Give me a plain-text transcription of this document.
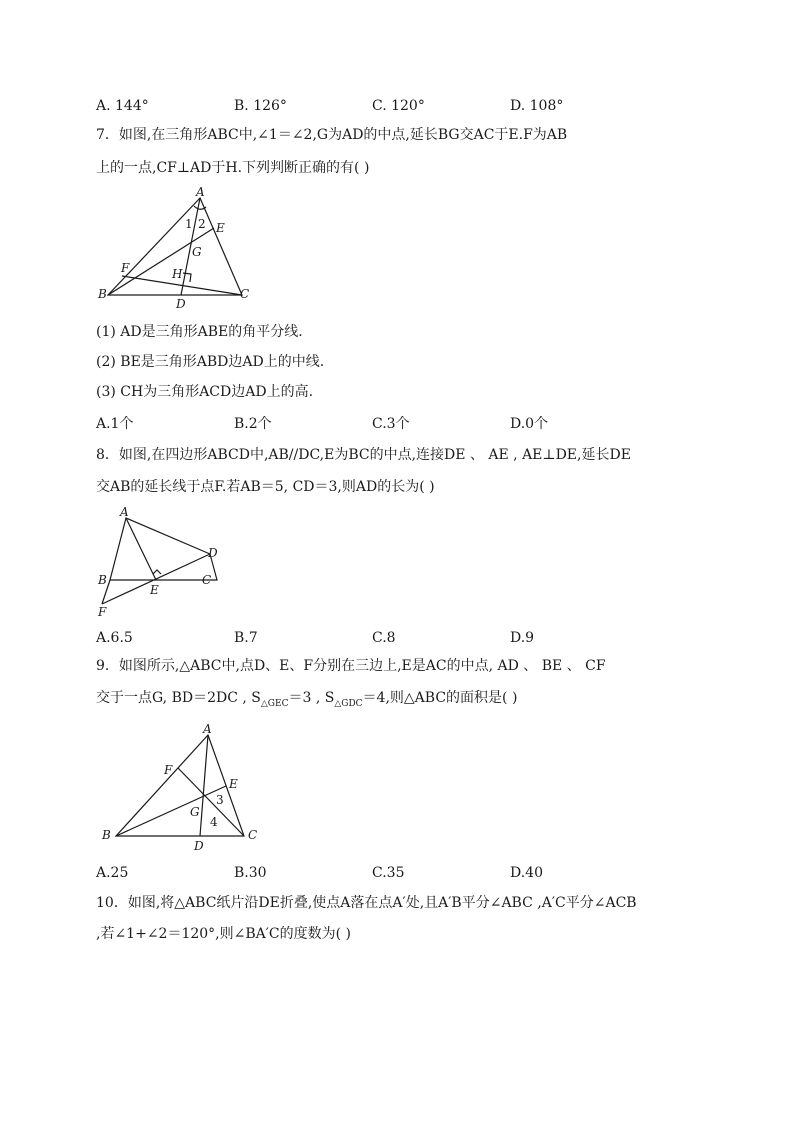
A. 144°	B. 126°	C. 120°	D. 108°
7．如图,在三角形ABC中,∠1＝∠2,G为AD的中点,延长BG交AC于E.F为AB
上的一点,CF⊥AD于H.下列判断正确的有( )
A
1 2 E
G
F	H
B
D
C
(1) AD是三角形ABE的角平分线.
(2) BE是三角形ABD边AD上的中线.
(3) CH为三角形ACD边AD上的高.
A.1个	B.2个	C.3个	D.0个
8．如图,在四边形ABCD中,AB//DC,E为BC的中点,连接DE 、 AE , AE⊥DE,延长DE
交AB的延长线于点F.若AB＝5, CD＝3,则AD的长为( )
A
D
B	C
E
F
A.6.5	B.7	C.8	D.9
9．如图所示,△ABC中,点D、E、F分别在三边上,E是AC的中点, AD 、 BE 、 CF
交于一点G, BD＝2DC , $S_{\triangle GEC}=3$ , $S_{\triangle GDC}=4$,则△ABC的面积是( )
A
F
E
3
G
4
B
D
C
A.25	B.30	C.35	D.40
10．如图,将△ABC纸片沿DE折叠,使点A落在点A′处,且A′B平分∠ABC ,A′C平分∠ACB
,若∠1+∠2＝120°,则∠BA′C的度数为( )
